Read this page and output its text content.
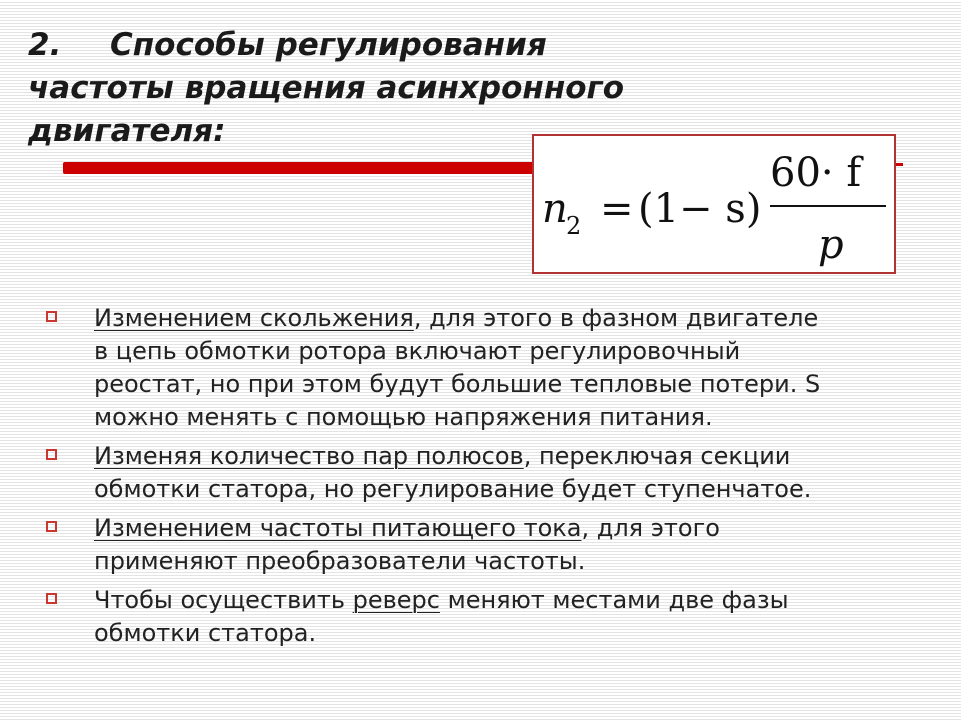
2. Способы регулирования
частоты вращения асинхронного
двигателя:
n
2 = (1− s)
60· f
p
Изменением скольжения, для этого в фазном двигателе
в цепь обмотки ротора включают регулировочный
реостат, но при этом будут большие тепловые потери. S
можно менять с помощью напряжения питания.
Изменяя количество пар полюсов, переключая секции
обмотки статора, но регулирование будет ступенчатое.
Изменением частоты питающего тока, для этого
применяют преобразователи частоты.
Чтобы осуществить реверс меняют местами две фазы
обмотки статора.
